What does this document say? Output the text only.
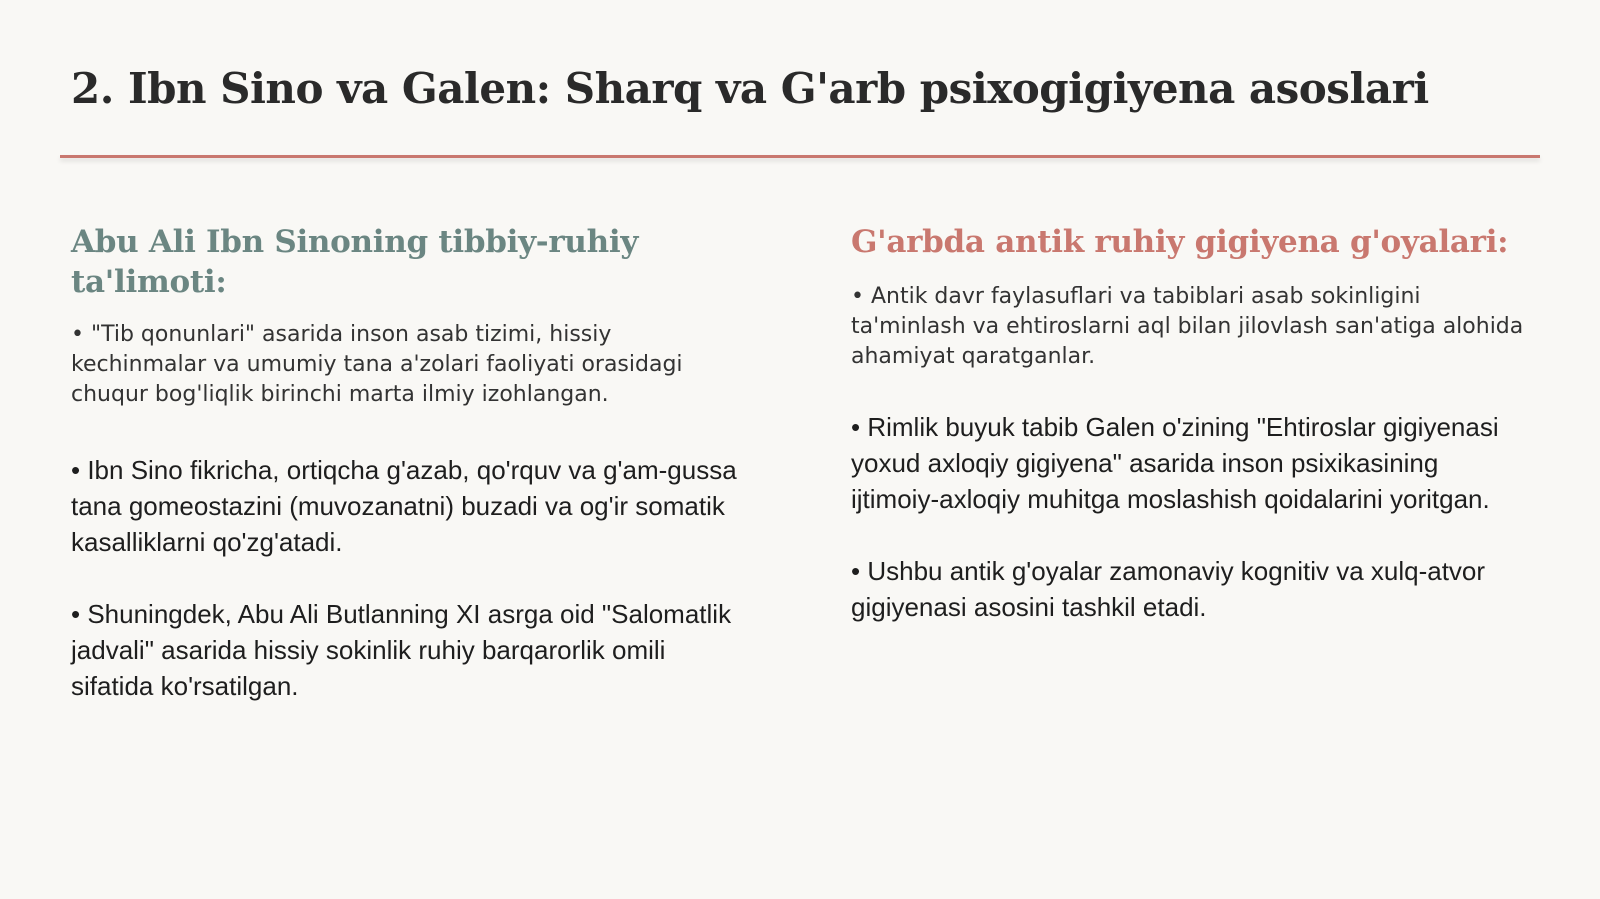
2. Ibn Sino va Galen: Sharq va G'arb psixogigiyena asoslari
Abu Ali Ibn Sinoning tibbiy-ruhiy ta'limoti:

• "Tib qonunlari" asarida inson asab tizimi, hissiy kechinmalar va umumiy tana a'zolari faoliyati orasidagi chuqur bog'liqlik birinchi marta ilmiy izohlangan.

• Ibn Sino fikricha, ortiqcha g'azab, qo'rquv va g'am-gussa tana gomeostazini (muvozanatni) buzadi va og'ir somatik kasalliklarni qo'zg'atadi.

• Shuningdek, Abu Ali Butlanning XI asrga oid "Salomatlik jadvali" asarida hissiy sokinlik ruhiy barqarorlik omili sifatida ko'rsatilgan.

G'arbda antik ruhiy gigiyena g'oyalari:

• Antik davr faylasuflari va tabiblari asab sokinligini ta'minlash va ehtiroslarni aql bilan jilovlash san'atiga alohida ahamiyat qaratganlar.

• Rimlik buyuk tabib Galen o'zining "Ehtiroslar gigiyenasi yoxud axloqiy gigiyena" asarida inson psixikasining ijtimoiy-axloqiy muhitga moslashish qoidalarini yoritgan.

• Ushbu antik g'oyalar zamonaviy kognitiv va xulq-atvor gigiyenasi asosini tashkil etadi.
